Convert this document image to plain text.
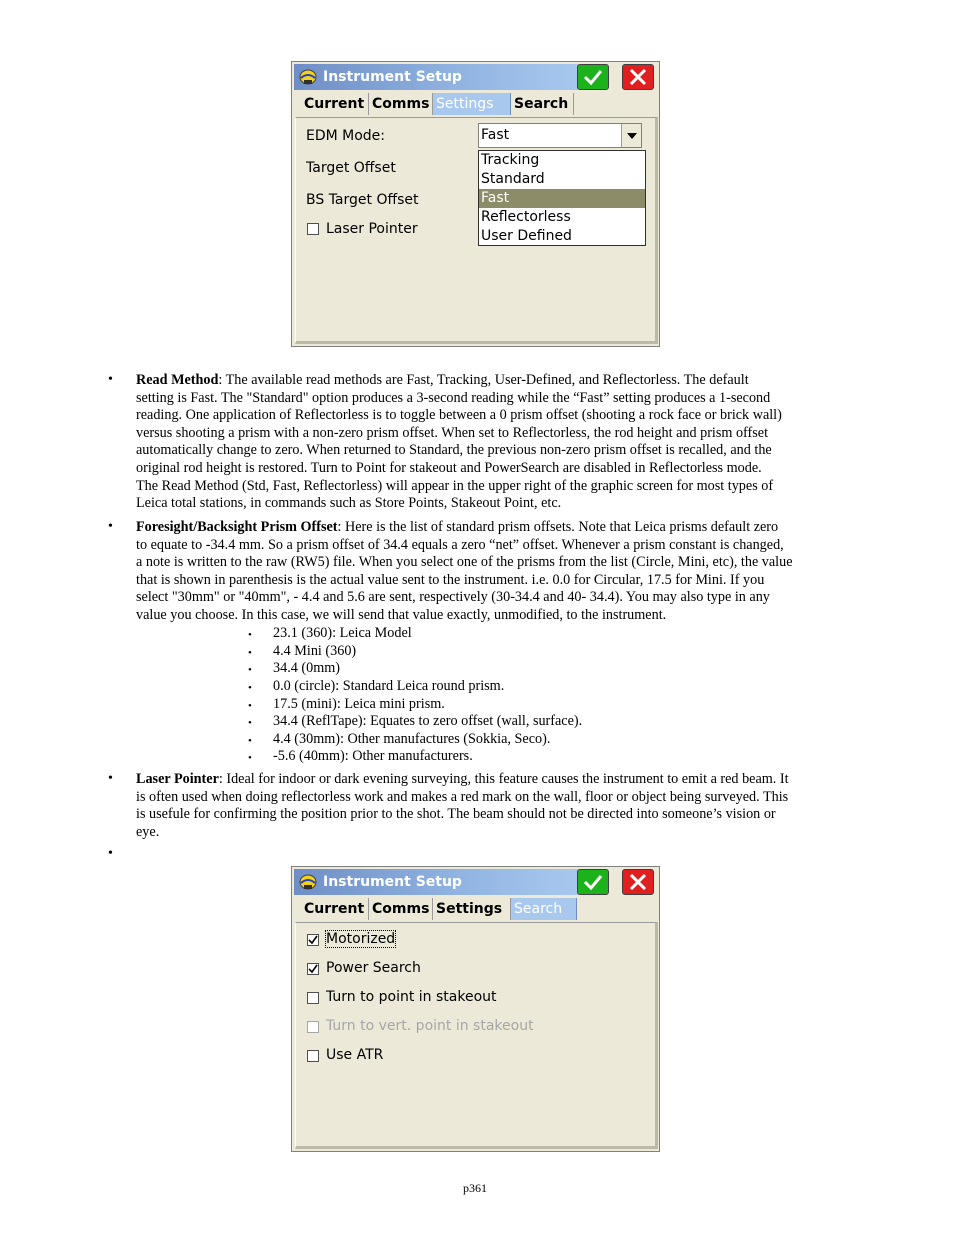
Instrument Setup
Current Comms Settings	Search
EDM Mode:
Target Offset
BS Target Offset
Laser Pointer
Fast
Tracking
Standard
Fast
Reflectorless
User Defined
• Read Method: The available read methods are Fast, Tracking, User-Defined, and Reflectorless. The default
setting is Fast. The "Standard" option produces a 3-second reading while the “Fast” setting produces a 1-second
reading. One application of Reflectorless is to toggle between a 0 prism offset (shooting a rock face or brick wall)
versus shooting a prism with a non-zero prism offset. When set to Reflectorless, the rod height and prism offset
automatically change to zero. When returned to Standard, the previous non-zero prism offset is recalled, and the
original rod height is restored. Turn to Point for stakeout and PowerSearch are disabled in Reflectorless mode.
The Read Method (Std, Fast, Reflectorless) will appear in the upper right of the graphic screen for most types of
Leica total stations, in commands such as Store Points, Stakeout Point, etc.
• Foresight/Backsight Prism Offset: Here is the list of standard prism offsets. Note that Leica prisms default zero
to equate to -34.4 mm. So a prism offset of 34.4 equals a zero “net” offset. Whenever a prism constant is changed,
a note is written to the raw (RW5) file. When you select one of the prisms from the list (Circle, Mini, etc), the value
that is shown in parenthesis is the actual value sent to the instrument. i.e. 0.0 for Circular, 17.5 for Mini. If you
select "30mm" or "40mm", - 4.4 and 5.6 are sent, respectively (30-34.4 and 40- 34.4). You may also type in any
value you choose. In this case, we will send that value exactly, unmodified, to the instrument.
• 23.1 (360): Leica Model
• 4.4 Mini (360)
• 34.4 (0mm)
• 0.0 (circle): Standard Leica round prism.
• 17.5 (mini): Leica mini prism.
• 34.4 (ReflTape): Equates to zero offset (wall, surface).
• 4.4 (30mm): Other manufactures (Sokkia, Seco).
• -5.6 (40mm): Other manufacturers.
• Laser Pointer: Ideal for indoor or dark evening surveying, this feature causes the instrument to emit a red beam. It
is often used when doing reflectorless work and makes a red mark on the wall, floor or object being surveyed. This
is usefule for confirming the position prior to the shot. The beam should not be directed into someone’s vision or
eye.
•
Instrument Setup
Current Comms Settings Search
Motorized
Power Search
Turn to point in stakeout
Turn to vert. point in stakeout
Use ATR
p361
